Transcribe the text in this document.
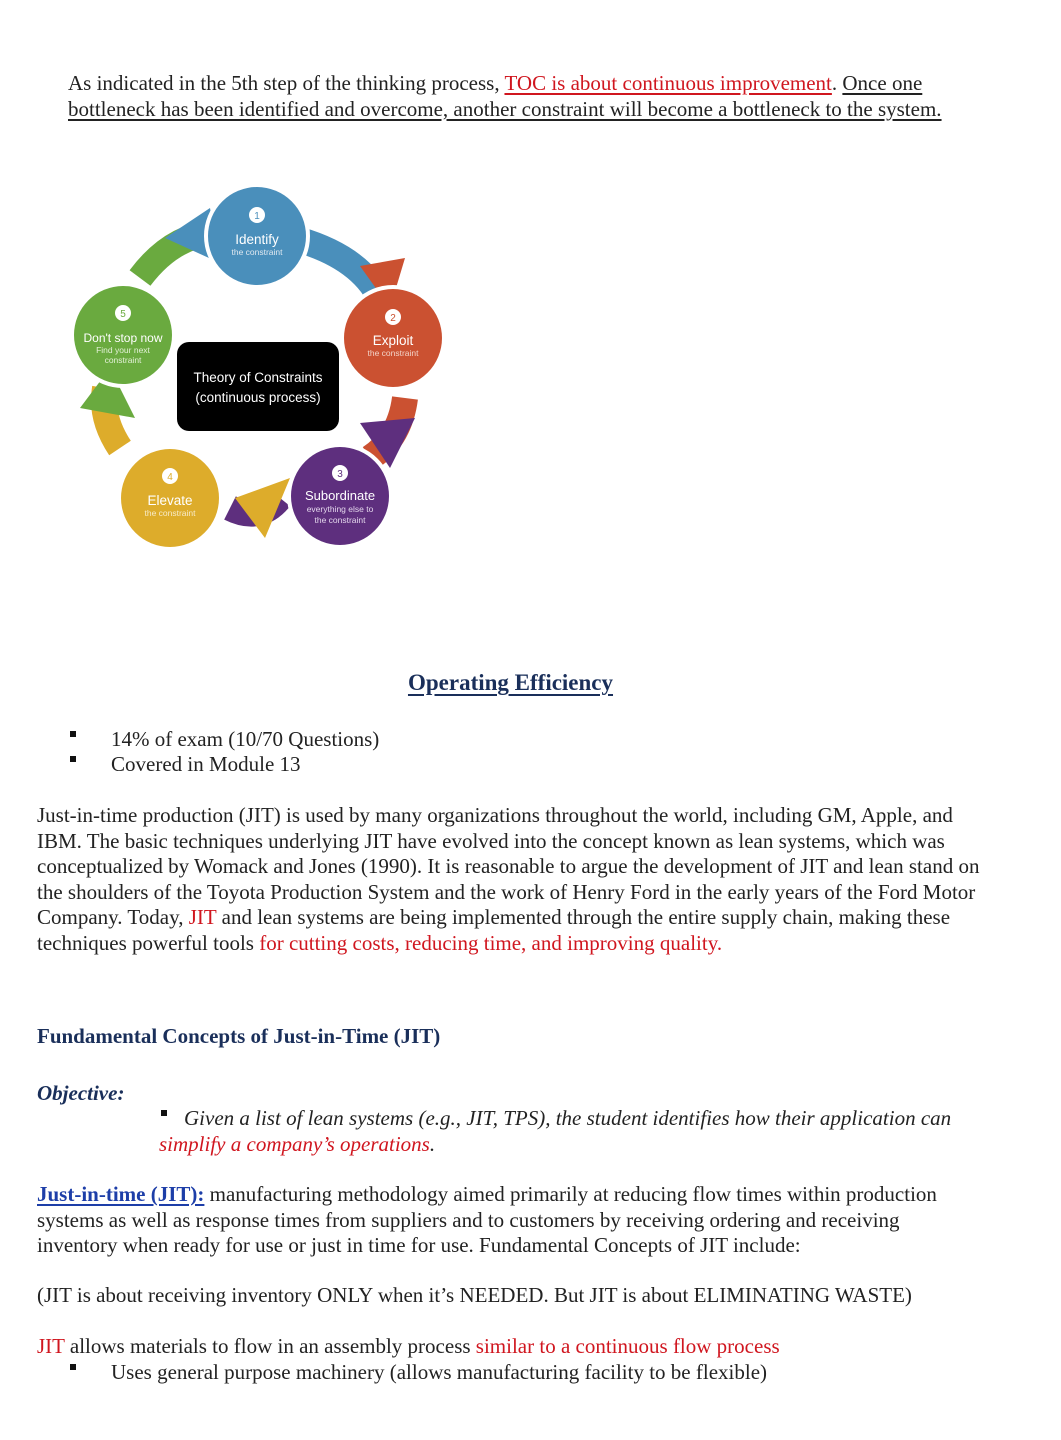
As indicated in the 5th step of the thinking process, TOC is about continuous improvement. Once one bottleneck has been identified and overcome, another constraint will become a bottleneck to the system.
Theory of Constraints
(continuous process)
1
Identify
the constraint
2
Exploit
the constraint
3
Subordinate
everything else to
the constraint
4
Elevate
the constraint
5
Don't stop now
Find your next
constraint
Operating Efficiency
14% of exam (10/70 Questions)
Covered in Module 13
Just-in-time production (JIT) is used by many organizations throughout the world, including GM, Apple, and IBM. The basic techniques underlying JIT have evolved into the concept known as lean systems, which was conceptualized by Womack and Jones (1990). It is reasonable to argue the development of JIT and lean stand on the shoulders of the Toyota Production System and the work of Henry Ford in the early years of the Ford Motor Company. Today, JIT and lean systems are being implemented through the entire supply chain, making these techniques powerful tools for cutting costs, reducing time, and improving quality.
Fundamental Concepts of Just-in-Time (JIT)
Objective:
Given a list of lean systems (e.g., JIT, TPS), the student identifies how their application can simplify a company’s operations.
Just-in-time (JIT): manufacturing methodology aimed primarily at reducing flow times within production systems as well as response times from suppliers and to customers by receiving ordering and receiving inventory when ready for use or just in time for use. Fundamental Concepts of JIT include:
(JIT is about receiving inventory ONLY when it’s NEEDED. But JIT is about ELIMINATING WASTE)
JIT allows materials to flow in an assembly process similar to a continuous flow process
Uses general purpose machinery (allows manufacturing facility to be flexible)
